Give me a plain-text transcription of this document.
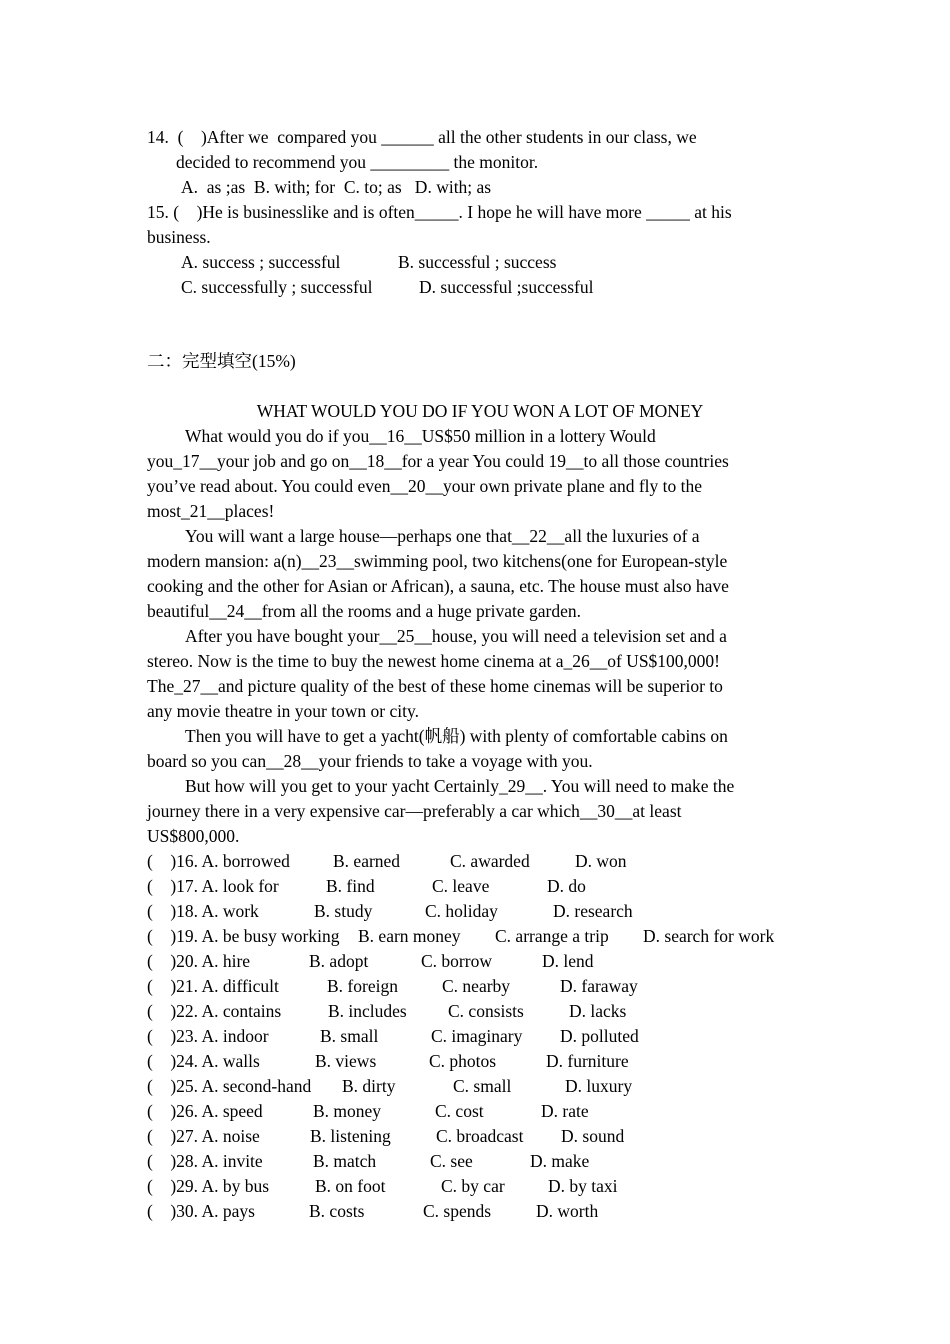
14.  (    )After we  compared you ______ all the other students in our class, we
decided to recommend you _________ the monitor.
A.  as ;as  B. with; for  C. to; as   D. with; as
15. (    )He is businesslike and is often_____. I hope he will have more _____ at his
business.
A. success ; successful	B. successful ; success
C. successfully ; successful	D. successful ;successful
二：完型填空(15%)
WHAT WOULD YOU DO IF YOU WON A LOT OF MONEY
What would you do if you__16__US$50 million in a lottery Would
you_17__your job and go on__18__for a year You could 19__to all those countries
you’ve read about. You could even__20__your own private plane and fly to the
most_21__places!
You will want a large house—perhaps one that__22__all the luxuries of a
modern mansion: a(n)__23__swimming pool, two kitchens(one for European-style
cooking and the other for Asian or African), a sauna, etc. The house must also have
beautiful__24__from all the rooms and a huge private garden.
After you have bought your__25__house, you will need a television set and a
stereo. Now is the time to buy the newest home cinema at a_26__of US$100,000!
The_27__and picture quality of the best of these home cinemas will be superior to
any movie theatre in your town or city.
Then you will have to get a yacht(帆船) with plenty of comfortable cabins on
board so you can__28__your friends to take a voyage with you.
But how will you get to your yacht Certainly_29__. You will need to make the
journey there in a very expensive car—preferably a car which__30__at least
US$800,000.
(    )16. A. borrowed B. earned	C. awarded	D. won
(    )17. A. look for	B. find	C. leave	D. do
(    )18. A. work	B. study	C. holiday	D. research
(    )19. A. be busy working B. earn money C. arrange a trip D. search for work
(    )20. A. hire	B. adopt	C. borrow	D. lend
(    )21. A. difficult	B. foreign	C. nearby	D. faraway
(    )22. A. contains	B. includes C. consists	D. lacks
(    )23. A. indoor	B. small	C. imaginary D. polluted
(    )24. A. walls	B. views	C. photos	D. furniture
(    )25. A. second-hand B. dirty	C. small	D. luxury
(    )26. A. speed	B. money	C. cost	D. rate
(    )27. A. noise	B. listening	C. broadcast D. sound
(    )28. A. invite	B. match	C. see	D. make
(    )29. A. by bus	B. on foot	C. by car D. by taxi
(    )30. A. pays	B. costs	C. spends	D. worth
